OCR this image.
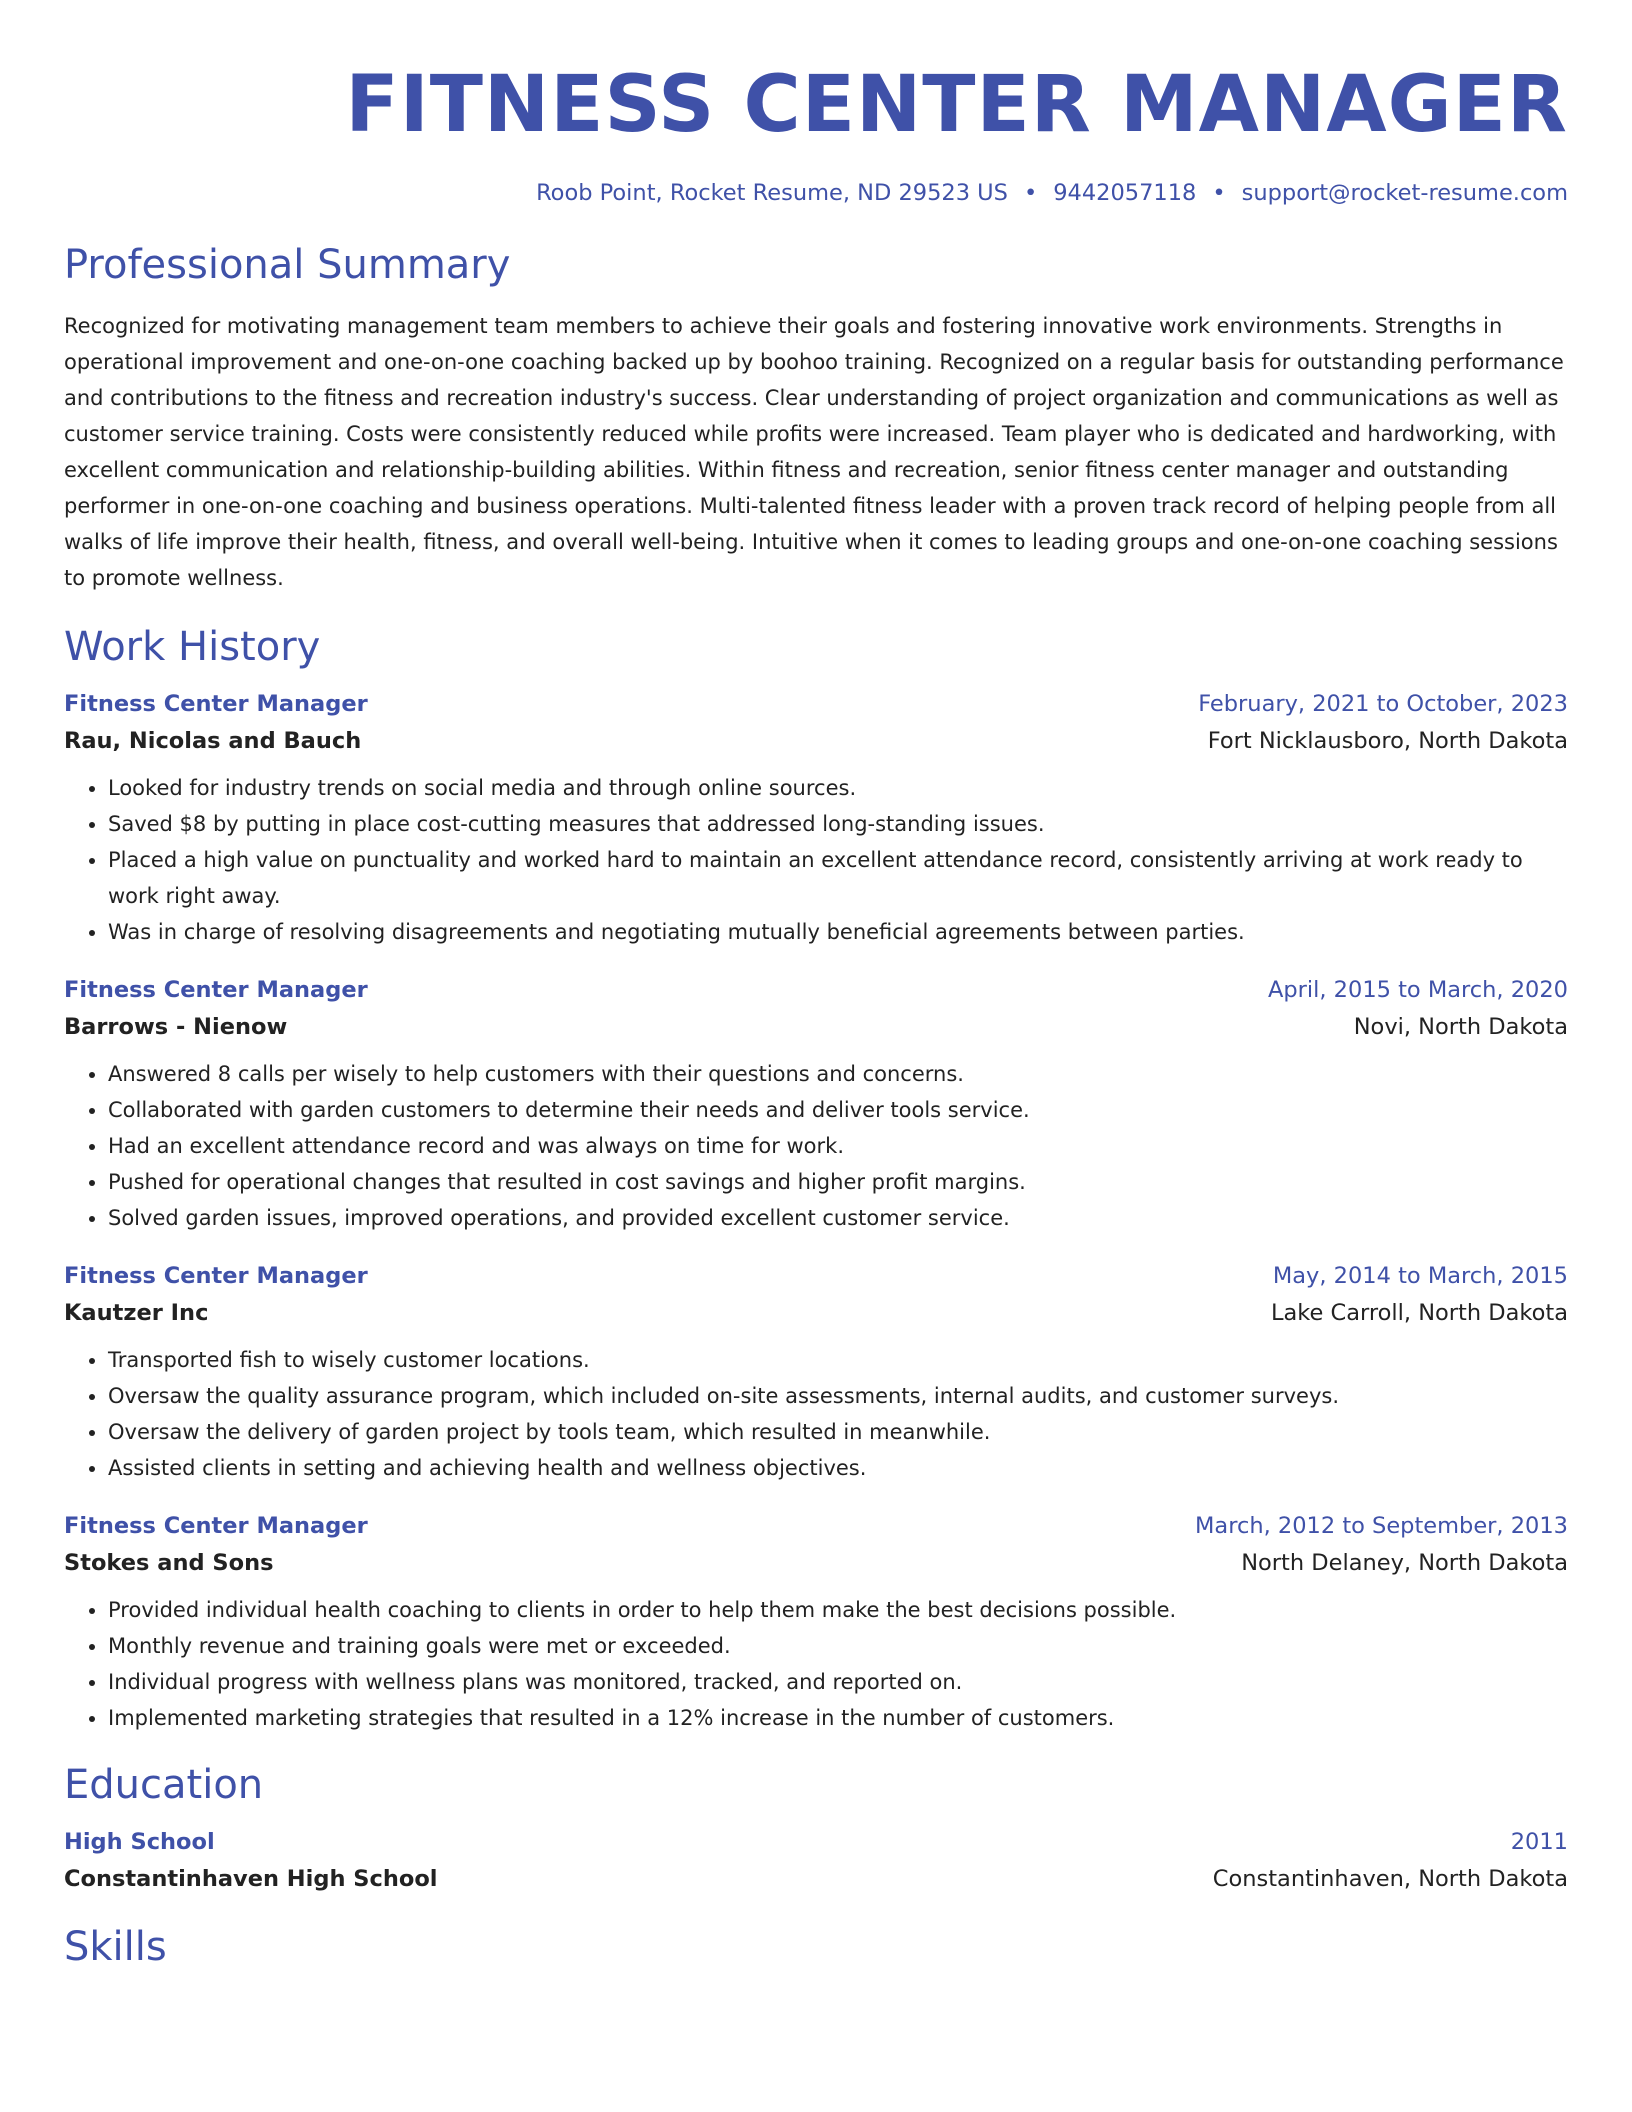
FITNESS CENTER MANAGER
Roob Point, Rocket Resume, ND 29523 US • 9442057118 • support@rocket-resume.com
Professional Summary
Recognized for motivating management team members to achieve their goals and fostering innovative work environments. Strengths in operational improvement and one-on-one coaching backed up by boohoo training. Recognized on a regular basis for outstanding performance and contributions to the fitness and recreation industry's success. Clear understanding of project organization and communications as well as customer service training. Costs were consistently reduced while profits were increased. Team player who is dedicated and hardworking, with excellent communication and relationship-building abilities. Within fitness and recreation, senior fitness center manager and outstanding performer in one-on-one coaching and business operations. Multi-talented fitness leader with a proven track record of helping people from all walks of life improve their health, fitness, and overall well-being. Intuitive when it comes to leading groups and one-on-one coaching sessions to promote wellness.
Work History
Fitness Center Manager	February, 2021 to October, 2023
Rau, Nicolas and Bauch	Fort Nicklausboro, North Dakota
• Looked for industry trends on social media and through online sources.
• Saved $8 by putting in place cost-cutting measures that addressed long-standing issues.
• Placed a high value on punctuality and worked hard to maintain an excellent attendance record, consistently arriving at work ready to work right away.
• Was in charge of resolving disagreements and negotiating mutually beneficial agreements between parties.
Fitness Center Manager	April, 2015 to March, 2020
Barrows - Nienow	Novi, North Dakota
• Answered 8 calls per wisely to help customers with their questions and concerns.
• Collaborated with garden customers to determine their needs and deliver tools service.
• Had an excellent attendance record and was always on time for work.
• Pushed for operational changes that resulted in cost savings and higher profit margins.
• Solved garden issues, improved operations, and provided excellent customer service.
Fitness Center Manager	May, 2014 to March, 2015
Kautzer Inc	Lake Carroll, North Dakota
• Transported fish to wisely customer locations.
• Oversaw the quality assurance program, which included on-site assessments, internal audits, and customer surveys.
• Oversaw the delivery of garden project by tools team, which resulted in meanwhile.
• Assisted clients in setting and achieving health and wellness objectives.
Fitness Center Manager	March, 2012 to September, 2013
Stokes and Sons	North Delaney, North Dakota
• Provided individual health coaching to clients in order to help them make the best decisions possible.
• Monthly revenue and training goals were met or exceeded.
• Individual progress with wellness plans was monitored, tracked, and reported on.
• Implemented marketing strategies that resulted in a 12% increase in the number of customers.
Education
High School	2011
Constantinhaven High School	Constantinhaven, North Dakota
Skills
